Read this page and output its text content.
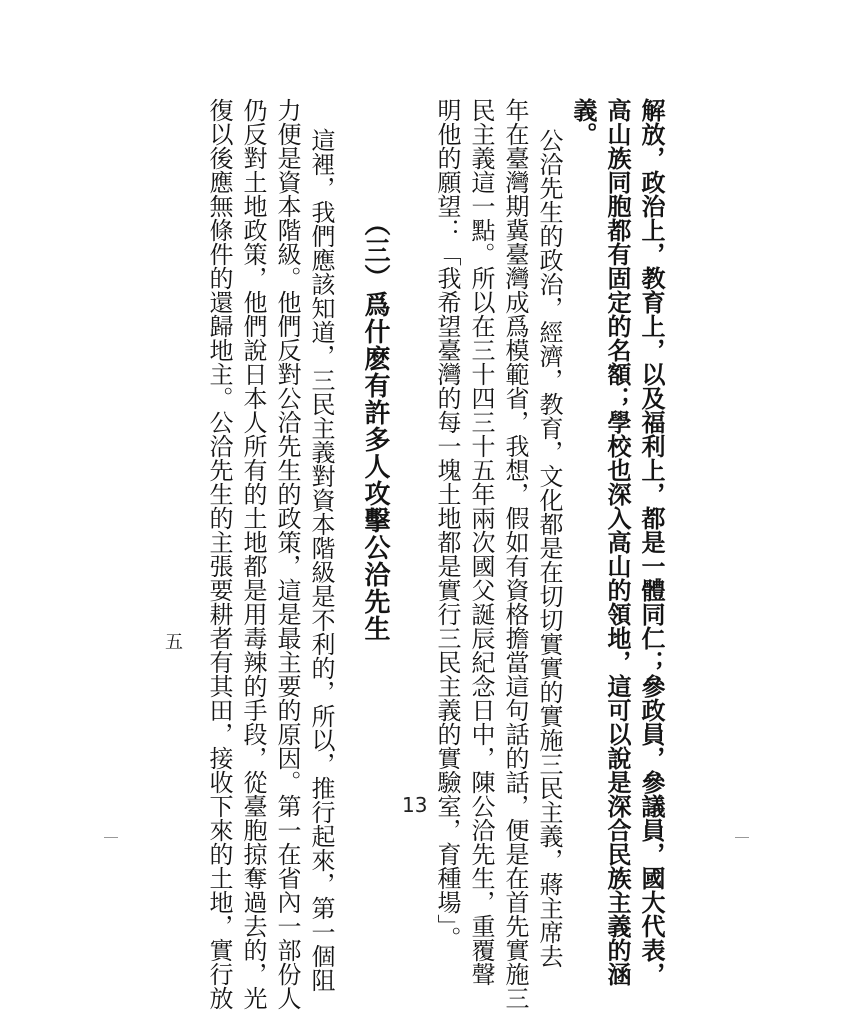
解放，政治上，教育上，以及福利上，都是一體同仁；參政員，參議員，國大代表，
高山族同胞都有固定的名額；學校也深入高山的領地，這可以說是深合民族主義的涵
義。
公洽先生的政治，經濟，教育，文化都是在切切實實的實施三民主義，蔣主席去
年在臺灣期冀臺灣成爲模範省，我想，假如有資格擔當這句話的話，便是在首先實施三
民主義這一點。所以在三十四三十五年兩次國父誕辰紀念日中，陳公洽先生，重覆聲
明他的願望：「我希望臺灣的每一塊土地都是實行三民主義的實驗室，育種場」。
（三）爲什麽有許多人攻擊公洽先生
這裡，我們應該知道，三民主義對資本階級是不利的，所以，推行起來，第一個阻
力便是資本階級。他們反對公洽先生的政策，這是最主要的原因。第一在省內一部份人
仍反對土地政策，他們說日本人所有的土地都是用毒辣的手段，從臺胞掠奪過去的，光
復以後應無條件的還歸地主。公洽先生的主張要耕者有其田，接收下來的土地，實行放
五
13
